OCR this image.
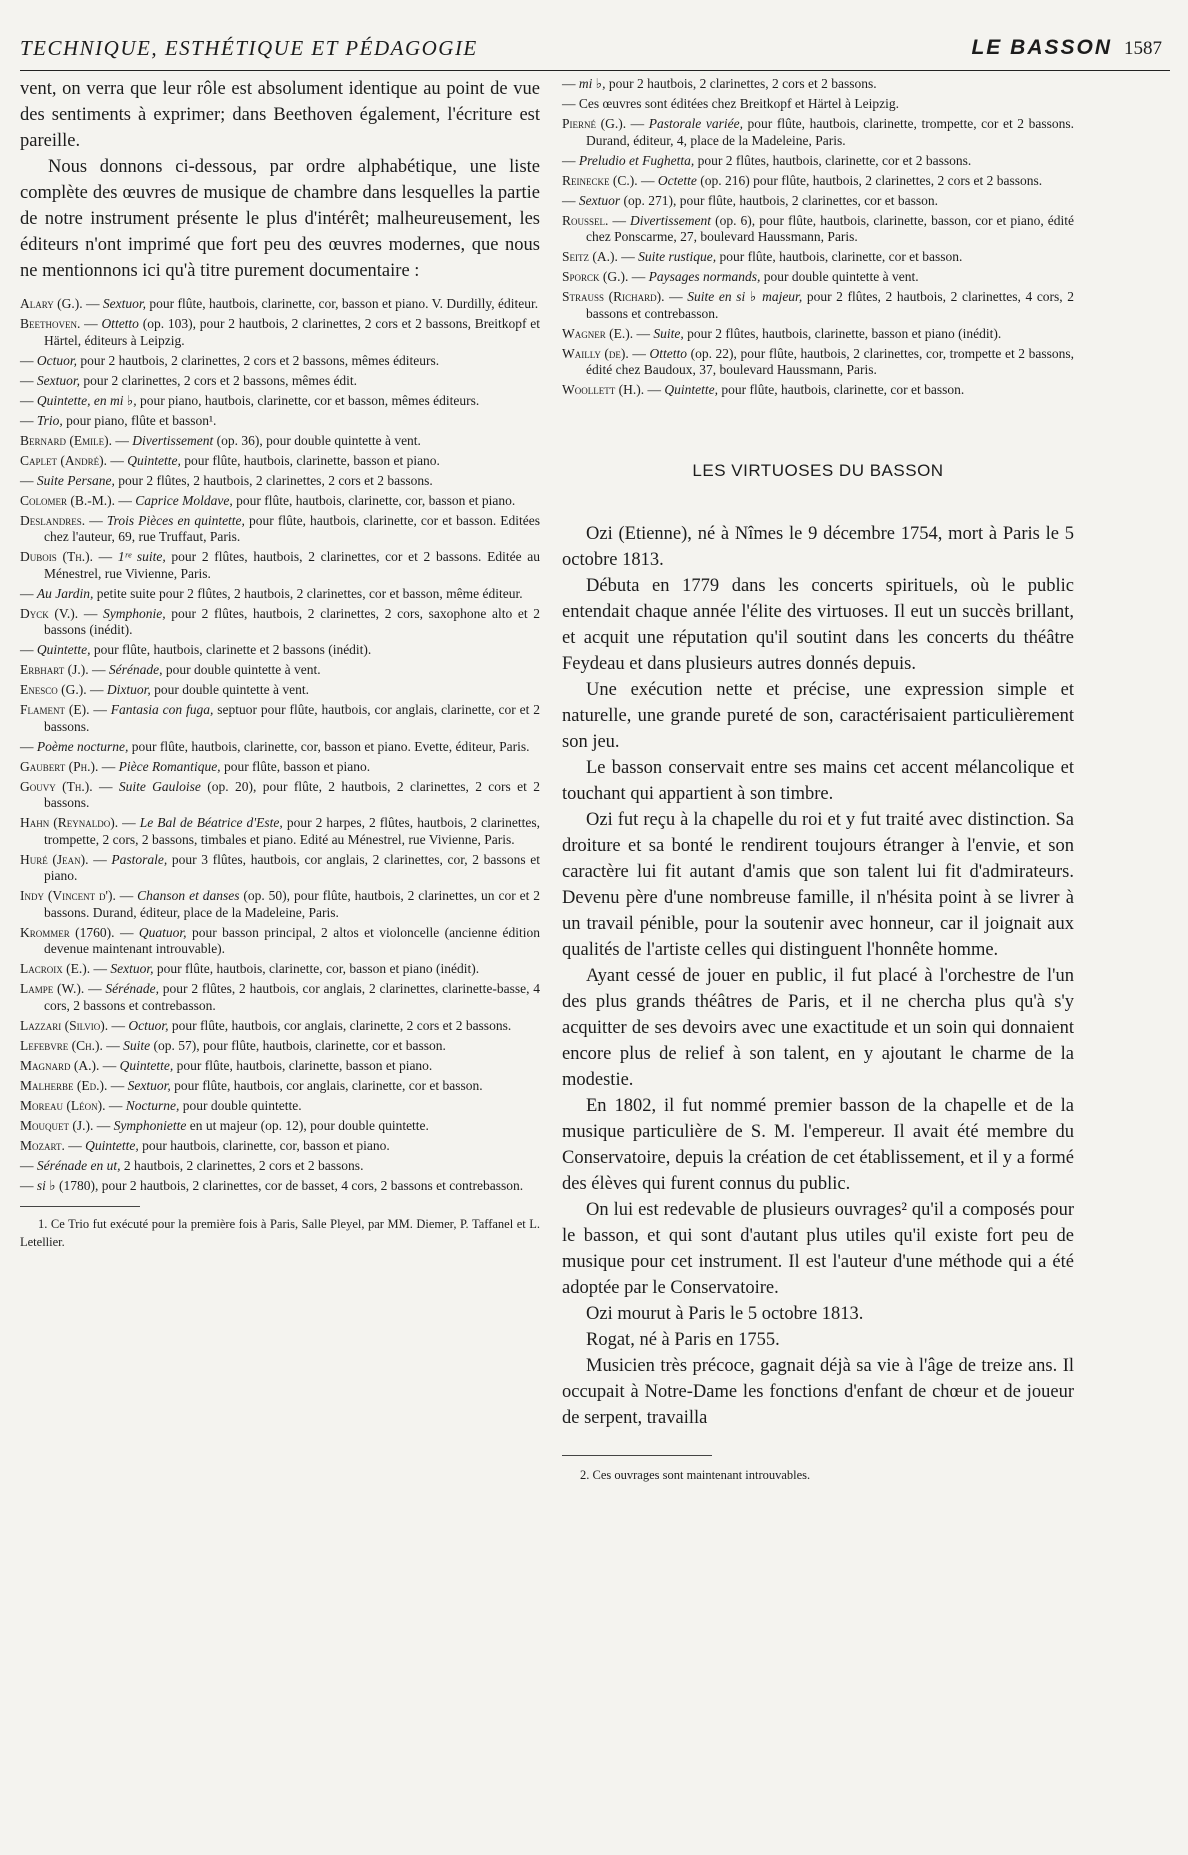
TECHNIQUE, ESTHÉTIQUE ET PÉDAGOGIE	LE BASSON 1587

vent, on verra que leur rôle est absolument identique au point de vue des sentiments à exprimer; dans Beethoven également, l'écriture est pareille.

Nous donnons ci-dessous, par ordre alphabétique, une liste complète des œuvres de musique de chambre dans lesquelles la partie de notre instrument présente le plus d'intérêt; malheureusement, les éditeurs n'ont imprimé que fort peu des œuvres modernes, que nous ne mentionnons ici qu'à titre purement documentaire :

Alary (G.). — Sextuor, pour flûte, hautbois, clarinette, cor, basson et piano. V. Durdilly, éditeur.

Beethoven. — Ottetto (op. 103), pour 2 hautbois, 2 clarinettes, 2 cors et 2 bassons, Breitkopf et Härtel, éditeurs à Leipzig.

— Octuor, pour 2 hautbois, 2 clarinettes, 2 cors et 2 bassons, mêmes éditeurs.

— Sextuor, pour 2 clarinettes, 2 cors et 2 bassons, mêmes édit.

— Quintette, en mi ♭, pour piano, hautbois, clarinette, cor et basson, mêmes éditeurs.

— Trio, pour piano, flûte et basson¹.

Bernard (Emile). — Divertissement (op. 36), pour double quintette à vent.

Caplet (André). — Quintette, pour flûte, hautbois, clarinette, basson et piano.

— Suite Persane, pour 2 flûtes, 2 hautbois, 2 clarinettes, 2 cors et 2 bassons.

Colomer (B.-M.). — Caprice Moldave, pour flûte, hautbois, clarinette, cor, basson et piano.

Deslandres. — Trois Pièces en quintette, pour flûte, hautbois, clarinette, cor et basson. Editées chez l'auteur, 69, rue Truffaut, Paris.

Dubois (Th.). — 1ʳᵉ suite, pour 2 flûtes, hautbois, 2 clarinettes, cor et 2 bassons. Editée au Ménestrel, rue Vivienne, Paris.

— Au Jardin, petite suite pour 2 flûtes, 2 hautbois, 2 clarinettes, cor et basson, même éditeur.

Dyck (V.). — Symphonie, pour 2 flûtes, hautbois, 2 clarinettes, 2 cors, saxophone alto et 2 bassons (inédit).

— Quintette, pour flûte, hautbois, clarinette et 2 bassons (inédit).

Erbhart (J.). — Sérénade, pour double quintette à vent.

Enesco (G.). — Dixtuor, pour double quintette à vent.

Flament (E). — Fantasia con fuga, septuor pour flûte, hautbois, cor anglais, clarinette, cor et 2 bassons.

— Poème nocturne, pour flûte, hautbois, clarinette, cor, basson et piano. Evette, éditeur, Paris.

Gaubert (Ph.). — Pièce Romantique, pour flûte, basson et piano.

Gouvy (Th.). — Suite Gauloise (op. 20), pour flûte, 2 hautbois, 2 clarinettes, 2 cors et 2 bassons.

Hahn (Reynaldo). — Le Bal de Béatrice d'Este, pour 2 harpes, 2 flûtes, hautbois, 2 clarinettes, trompette, 2 cors, 2 bassons, timbales et piano. Edité au Ménestrel, rue Vivienne, Paris.

Huré (Jean). — Pastorale, pour 3 flûtes, hautbois, cor anglais, 2 clarinettes, cor, 2 bassons et piano.

Indy (Vincent d'). — Chanson et danses (op. 50), pour flûte, hautbois, 2 clarinettes, un cor et 2 bassons. Durand, éditeur, place de la Madeleine, Paris.

Krommer (1760). — Quatuor, pour basson principal, 2 altos et violoncelle (ancienne édition devenue maintenant introuvable).

Lacroix (E.). — Sextuor, pour flûte, hautbois, clarinette, cor, basson et piano (inédit).

Lampe (W.). — Sérénade, pour 2 flûtes, 2 hautbois, cor anglais, 2 clarinettes, clarinette-basse, 4 cors, 2 bassons et contrebasson.

Lazzari (Silvio). — Octuor, pour flûte, hautbois, cor anglais, clarinette, 2 cors et 2 bassons.

Lefebvre (Ch.). — Suite (op. 57), pour flûte, hautbois, clarinette, cor et basson.

Magnard (A.). — Quintette, pour flûte, hautbois, clarinette, basson et piano.

Malherbe (Ed.). — Sextuor, pour flûte, hautbois, cor anglais, clarinette, cor et basson.

Moreau (Léon). — Nocturne, pour double quintette.

Mouquet (J.). — Symphoniette en ut majeur (op. 12), pour double quintette.

Mozart. — Quintette, pour hautbois, clarinette, cor, basson et piano.

— Sérénade en ut, 2 hautbois, 2 clarinettes, 2 cors et 2 bassons.

— si ♭ (1780), pour 2 hautbois, 2 clarinettes, cor de basset, 4 cors, 2 bassons et contrebasson.

1. Ce Trio fut exécuté pour la première fois à Paris, Salle Pleyel, par MM. Diemer, P. Taffanel et L. Letellier.

— mi ♭, pour 2 hautbois, 2 clarinettes, 2 cors et 2 bassons.

— Ces œuvres sont éditées chez Breitkopf et Härtel à Leipzig.

Pierné (G.). — Pastorale variée, pour flûte, hautbois, clarinette, trompette, cor et 2 bassons. Durand, éditeur, 4, place de la Madeleine, Paris.

— Preludio et Fughetta, pour 2 flûtes, hautbois, clarinette, cor et 2 bassons.

Reinecke (C.). — Octette (op. 216) pour flûte, hautbois, 2 clarinettes, 2 cors et 2 bassons.

— Sextuor (op. 271), pour flûte, hautbois, 2 clarinettes, cor et basson.

Roussel. — Divertissement (op. 6), pour flûte, hautbois, clarinette, basson, cor et piano, édité chez Ponscarme, 27, boulevard Haussmann, Paris.

Seitz (A.). — Suite rustique, pour flûte, hautbois, clarinette, cor et basson.

Sporck (G.). — Paysages normands, pour double quintette à vent.

Strauss (Richard). — Suite en si ♭ majeur, pour 2 flûtes, 2 hautbois, 2 clarinettes, 4 cors, 2 bassons et contrebasson.

Wagner (E.). — Suite, pour 2 flûtes, hautbois, clarinette, basson et piano (inédit).

Wailly (de). — Ottetto (op. 22), pour flûte, hautbois, 2 clarinettes, cor, trompette et 2 bassons, édité chez Baudoux, 37, boulevard Haussmann, Paris.

Woollett (H.). — Quintette, pour flûte, hautbois, clarinette, cor et basson.

LES VIRTUOSES DU BASSON

Ozi (Etienne), né à Nîmes le 9 décembre 1754, mort à Paris le 5 octobre 1813.

Débuta en 1779 dans les concerts spirituels, où le public entendait chaque année l'élite des virtuoses. Il eut un succès brillant, et acquit une réputation qu'il soutint dans les concerts du théâtre Feydeau et dans plusieurs autres donnés depuis.

Une exécution nette et précise, une expression simple et naturelle, une grande pureté de son, caractérisaient particulièrement son jeu.

Le basson conservait entre ses mains cet accent mélancolique et touchant qui appartient à son timbre.

Ozi fut reçu à la chapelle du roi et y fut traité avec distinction. Sa droiture et sa bonté le rendirent toujours étranger à l'envie, et son caractère lui fit autant d'amis que son talent lui fit d'admirateurs. Devenu père d'une nombreuse famille, il n'hésita point à se livrer à un travail pénible, pour la soutenir avec honneur, car il joignait aux qualités de l'artiste celles qui distinguent l'honnête homme.

Ayant cessé de jouer en public, il fut placé à l'orchestre de l'un des plus grands théâtres de Paris, et il ne chercha plus qu'à s'y acquitter de ses devoirs avec une exactitude et un soin qui donnaient encore plus de relief à son talent, en y ajoutant le charme de la modestie.

En 1802, il fut nommé premier basson de la chapelle et de la musique particulière de S. M. l'empereur. Il avait été membre du Conservatoire, depuis la création de cet établissement, et il y a formé des élèves qui furent connus du public.

On lui est redevable de plusieurs ouvrages² qu'il a composés pour le basson, et qui sont d'autant plus utiles qu'il existe fort peu de musique pour cet instrument. Il est l'auteur d'une méthode qui a été adoptée par le Conservatoire.

Ozi mourut à Paris le 5 octobre 1813.

Rogat, né à Paris en 1755.

Musicien très précoce, gagnait déjà sa vie à l'âge de treize ans. Il occupait à Notre-Dame les fonctions d'enfant de chœur et de joueur de serpent, travailla

2. Ces ouvrages sont maintenant introuvables.
